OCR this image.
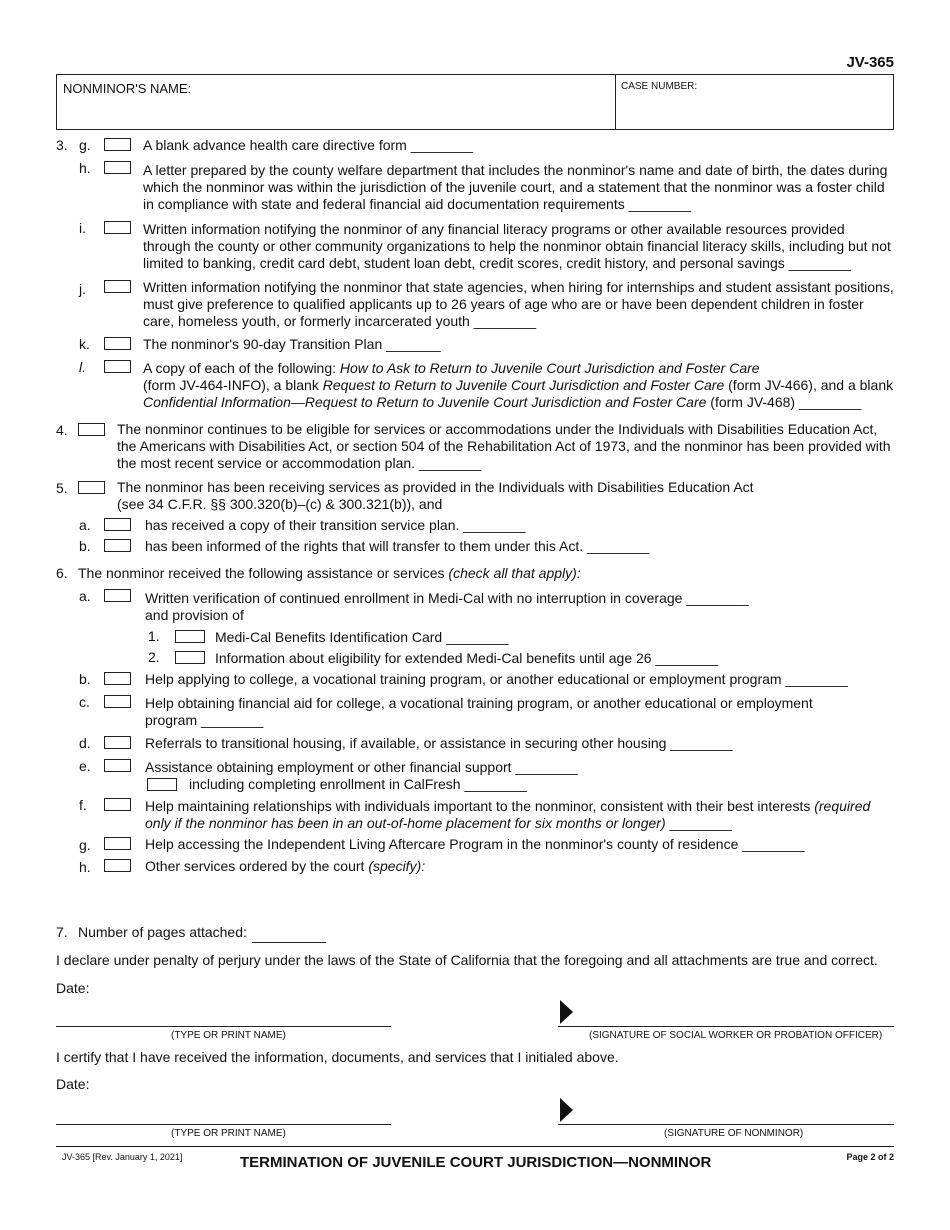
JV-365
NONMINOR'S NAME:	CASE NUMBER:
3. g.	A blank advance health care directive form ________
h.	A letter prepared by the county welfare department that includes the nonminor's name and date of birth, the dates during
which the nonminor was within the jurisdiction of the juvenile court, and a statement that the nonminor was a foster child
in compliance with state and federal financial aid documentation requirements ________
i.	Written information notifying the nonminor of any financial literacy programs or other available resources provided
through the county or other community organizations to help the nonminor obtain financial literacy skills, including but not
limited to banking, credit card debt, student loan debt, credit scores, credit history, and personal savings ________
j.	Written information notifying the nonminor that state agencies, when hiring for internships and student assistant positions,
must give preference to qualified applicants up to 26 years of age who are or have been dependent children in foster
care, homeless youth, or formerly incarcerated youth ________
k.	The nonminor's 90-day Transition Plan _______
l.	A copy of each of the following: How to Ask to Return to Juvenile Court Jurisdiction and Foster Care
(form JV-464-INFO), a blank Request to Return to Juvenile Court Jurisdiction and Foster Care (form JV-466), and a blank
Confidential Information—Request to Return to Juvenile Court Jurisdiction and Foster Care (form JV-468) ________
4.	The nonminor continues to be eligible for services or accommodations under the Individuals with Disabilities Education Act,
the Americans with Disabilities Act, or section 504 of the Rehabilitation Act of 1973, and the nonminor has been provided with
the most recent service or accommodation plan. ________
5.	The nonminor has been receiving services as provided in the Individuals with Disabilities Education Act
(see 34 C.F.R. §§ 300.320(b)–(c) & 300.321(b)), and
a.	has received a copy of their transition service plan. ________
b.	has been informed of the rights that will transfer to them under this Act. ________
6. The nonminor received the following assistance or services (check all that apply):
a.	Written verification of continued enrollment in Medi-Cal with no interruption in coverage ________
and provision of
1.	Medi-Cal Benefits Identification Card ________
2.	Information about eligibility for extended Medi-Cal benefits until age 26 ________
b.	Help applying to college, a vocational training program, or another educational or employment program ________
c.	Help obtaining financial aid for college, a vocational training program, or another educational or employment
program ________
d.	Referrals to transitional housing, if available, or assistance in securing other housing ________
e.	Assistance obtaining employment or other financial support ________
including completing enrollment in CalFresh ________
f.	Help maintaining relationships with individuals important to the nonminor, consistent with their best interests (required
only if the nonminor has been in an out-of-home placement for six months or longer) ________
g.	Help accessing the Independent Living Aftercare Program in the nonminor's county of residence ________
h.	Other services ordered by the court (specify):
7. Number of pages attached:
I declare under penalty of perjury under the laws of the State of California that the foregoing and all attachments are true and correct.
Date:
(TYPE OR PRINT NAME)	(SIGNATURE OF SOCIAL WORKER OR PROBATION OFFICER)
I certify that I have received the information, documents, and services that I initialed above.
Date:
(TYPE OR PRINT NAME)	(SIGNATURE OF NONMINOR)
JV-365 [Rev. January 1, 2021]	TERMINATION OF JUVENILE COURT JURISDICTION—NONMINOR	Page 2 of 2
